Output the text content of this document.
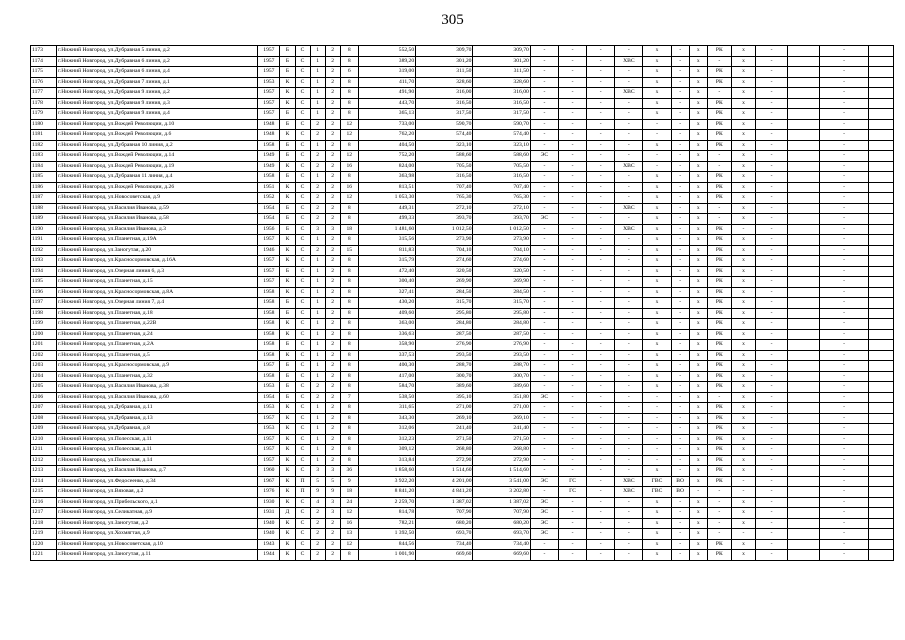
305
1173	г.Нижний Новгород, ул.Дубравная 5 линия, д.2	1957	Б	С	1	2	8	552,50	309,70	309,70	-	-	-	-	х	-	х	РК	х	-		-	
1174	г.Нижний Новгород, ул.Дубравная 6 линия, д.2	1957	Б	С	1	2	8	389,20	301,20	301,20	-	-	-	ХВС	х	-	х	-	х	-		-	
1175	г.Нижний Новгород, ул.Дубравная 6 линия, д.4	1957	Б	С	1	2	6	319,00	311,50	311,50	-	-	-	-	х	-	х	РК	х	-		-	
1176	г.Нижний Новгород, ул.Дубравная 7 линия, д.1	1953	К	С	1	2	8	411,70	328,60	328,60	-	-	-	-	х	-	х	РК	х	-		-	
1177	г.Нижний Новгород, ул.Дубравная 9 линия, д.2	1957	К	С	1	2	8	491,90	316,00	316,00	-	-	-	ХВС	х	-	х	-	х	-		-	
1178	г.Нижний Новгород, ул.Дубравная 9 линия, д.3	1957	К	С	1	2	8	443,70	316,50	316,50	-	-	-	-	х	-	х	РК	х	-		-	
1179	г.Нижний Новгород, ул.Дубравная 9 линия, д.4	1957	Б	С	1	2	8	365,13	317,50	317,50	-	-	-	-	х	-	х	РК	х	-		-	
1180	г.Нижний Новгород, ул.Вождей Революции, д.10	1948	Б	С	2	2	12	733,00	590,70	590,70	-	-	-	-	-	-	х	РК	х	-		-	
1181	г.Нижний Новгород, ул.Вождей Революции, д.6	1948	К	С	2	2	12	762,20	574,40	574,40	-	-	-	-	-	-	х	РК	х	-		-	
1182	г.Нижний Новгород, ул.Дубравная 10 линия, д.2	1958	Б	С	1	2	8	404,50	323,10	323,10	-	-	-	-	х	-	х	РК	х	-		-	
1183	г.Нижний Новгород, ул.Вождей Революции, д.14	1949	Б	С	2	2	12	752,20	588,60	588,60	ЭС	-	-	-	-	-	х	-	х	-		-	
1184	г.Нижний Новгород, ул.Вождей Революции, д.19	1949	К	С	2	2	16	824,00	705,50	705,50	-	-	-	ХВС	-	-	х	-	х	-		-	
1185	г.Нижний Новгород, ул.Дубравная 11 линия, д.4	1958	Б	С	1	2	8	363,98	316,50	316,50	-	-	-	-	х	-	х	РК	х	-		-	
1186	г.Нижний Новгород, ул.Вождей Революции, д.26	1951	К	С	2	2	16	813,51	707,40	707,40	-	-	-	-	х	-	х	РК	х	-		-	
1187	г.Нижний Новгород, ул.Новосоветская, д.9	1952	К	С	2	2	12	1 053,30	765,30	765,30	-	-	-	-	х	-	х	РК	х	-		-	
1188	г.Нижний Новгород, ул.Василия Иванова, д.59	1954	Б	С	2	2	8	449,31	272,10	272,10	-	-	-	ХВС	х	-	х	-	х	-		-	
1189	г.Нижний Новгород, ул.Василия Иванова, д.58	1954	Б	С	2	2	8	499,33	393,70	393,70	ЭС	-	-	-	х	-	х	-	х	-		-	
1190	г.Нижний Новгород, ул.Василия Иванова, д.3	1956	Б	С	3	3	18	1 481,60	1 012,50	1 012,50	-	-	-	ХВС	х	-	х	РК	-	-		-	
1191	г.Нижний Новгород, ул.Планетная, д.19А	1957	К	С	1	2	8	315,56	273,90	273,90	-	-	-	-	х	-	х	РК	х	-		-	
1192	г.Нижний Новгород, ул.Заногутая, д.20	1946	К	С	2	2	15	811,83	704,10	704,10	-	-	-	-	х	-	х	РК	х	-		-	
1193	г.Нижний Новгород, ул.Красносормовская, д.16А	1957	К	С	1	2	8	315,79	274,60	274,60	-	-	-	-	х	-	х	РК	х	-		-	
1194	г.Нижний Новгород, ул.Озерная линия 6, д.3	1957	Б	С	1	2	8	472,40	320,50	320,50	-	-	-	-	х	-	х	РК	х	-		-	
1195	г.Нижний Новгород, ул.Планетная, д.15	1957	К	С	1	2	8	300,40	269,90	269,90	-	-	-	-	х	-	х	РК	х	-		-	
1196	г.Нижний Новгород, ул.Красносормовская, д.8А	1958	К	С	1	2	8	327,41	284,50	284,50	-	-	-	-	х	-	х	РК	х	-		-	
1197	г.Нижний Новгород, ул.Озерная линия 7, д.4	1958	Б	С	1	2	8	430,20	315,70	315,70	-	-	-	-	х	-	х	РК	х	-		-	
1198	г.Нижний Новгород, ул.Планетная, д.18	1958	Б	С	1	2	8	409,60	295,80	295,80	-	-	-	-	х	-	х	РК	х	-		-	
1199	г.Нижний Новгород, ул.Планетная, д.22В	1958	К	С	1	2	8	363,00	284,80	284,80	-	-	-	-	х	-	х	РК	х	-		-	
1200	г.Нижний Новгород, ул.Планетная, д.24	1958	К	С	1	2	8	336,63	287,50	287,50	-	-	-	-	х	-	х	РК	х	-		-	
1201	г.Нижний Новгород, ул.Планетная, д.2А	1958	Б	С	1	2	8	358,90	276,90	276,90	-	-	-	-	х	-	х	РК	х	-		-	
1202	г.Нижний Новгород, ул.Планетная, д.5	1958	К	С	1	2	8	337,53	293,50	293,50	-	-	-	-	х	-	х	РК	х	-		-	
1203	г.Нижний Новгород, ул.Красносормовская, д.9	1957	Б	С	1	2	8	400,30	288,70	288,70	-	-	-	-	х	-	х	РК	х	-		-	
1204	г.Нижний Новгород, ул.Планетная, д.32	1958	Б	С	1	2	8	417,00	300,70	300,70	-	-	-	-	х	-	х	РК	х	-		-	
1205	г.Нижний Новгород, ул.Василия Иванова, д.38	1953	Б	С	2	2	8	584,70	389,60	389,60	-	-	-	-	х	-	х	РК	х	-		-	
1206	г.Нижний Новгород, ул.Василия Иванова, д.60	1954	Б	С	2	2	7	538,50	395,10	351,80	ЭС	-	-	-	-	-	х	-	х	-		-	
1207	г.Нижний Новгород, ул.Дубравная, д.11	1953	К	С	1	2	8	311,65	271,00	271,00	-	-	-	-	-	-	х	РК	х	-		-	
1208	г.Нижний Новгород, ул.Дубравная, д.13	1957	К	С	1	2	8	343,30	269,10	269,10	-	-	-	-	-	-	х	РК	х	-		-	
1209	г.Нижний Новгород, ул.Дубравная, д.8	1953	К	С	1	2	8	312,06	241,40	241,40	-	-	-	-	-	-	х	РК	х	-		-	
1210	г.Нижний Новгород, ул.Полесская, д.11	1957	К	С	1	2	8	312,23	271,50	271,50	-	-	-	-	-	-	х	РК	х	-		-	
1211	г.Нижний Новгород, ул.Полесская, д.11	1957	К	С	1	2	8	309,12	268,80	268,80	-	-	-	-	-	-	х	РК	х	-		-	
1212	г.Нижний Новгород, ул.Полесская, д.14	1957	К	С	1	2	8	313,84	272,90	272,90	-	-	-	-	-	-	х	РК	х	-		-	
1213	г.Нижний Новгород, ул.Василия Иванова, д.7	1960	К	С	3	3	36	1 858,60	1 514,60	1 514,60	-	-	-	-	х	-	х	РК	х	-		-	
1214	г.Нижний Новгород, ул.Федосеенко, д.34	1967	К	П	5	5	9	3 922,20	4 201,00	3 541,00	ЭС	ГС	-	ХВС	ГВС	ВО	х	РК	-	-		-	
1215	г.Нижний Новгород, ул.Вязовая, д.2	1976	К	П	9	9	18	8 841,20	4 841,20	3 202,80	-	ГС	-	ХВС	ГВС	ВО	-	-	-	-		-	
1216	г.Нижний Новгород, ул.Прибельского, д.1	1930	К	С	4	3	24	2 259,70	1 387,02	1 387,02	ЭС	-	-	-	х	-	х	-	х	-		-	
1217	г.Нижний Новгород, ул.Селикатная, д.9	1931	Д	С	2	3	12	814,78	707,90	707,90	ЭС	-	-	-	х	-	х	-	х	-		-	
1218	г.Нижний Новгород, ул.Заногутая, д.2	1940	К	С	2	2	16	782,21	680,20	680,20	ЭС	-	-	-	х	-	х	-	х	-		-	
1219	г.Нижний Новгород, ул.Хохмягтая, д.9	1940	К	С	2	2	13	1 392,50	693,70	693,70	ЭС	-	-	-	х	-	х	-	-	-		-	
1220	г.Нижний Новгород, ул.Новосоветская, д.10	1943	К	С	2	2	12	844,56	734,40	734,40	-	-	-	-	х	-	х	РК	х	-		-	
1221	г.Нижний Новгород, ул.Заногутая, д.11	1944	К	С	2	2	8	1 001,90	669,60	669,60	-	-	-	-	х	-	х	РК	х	-		-	
